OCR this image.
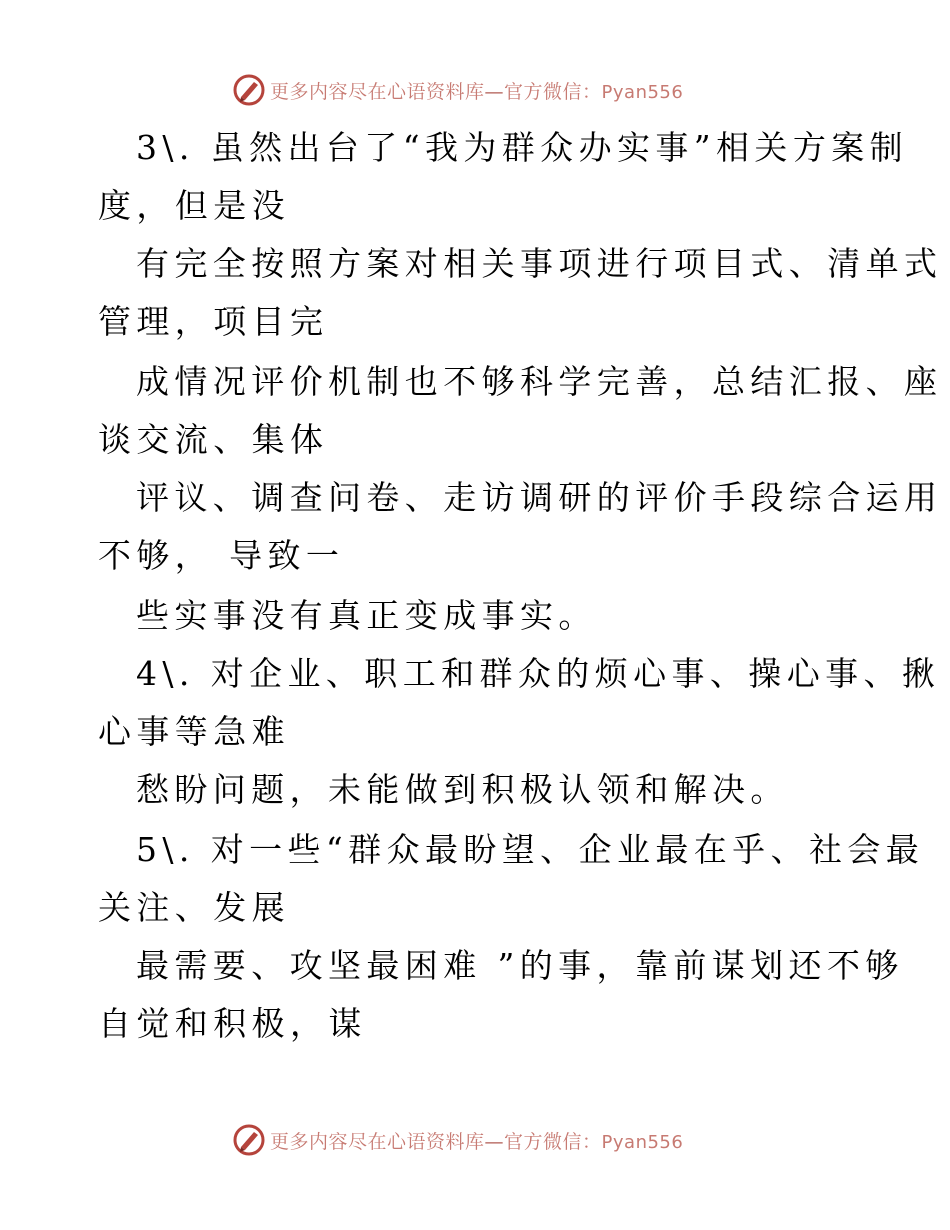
更多内容尽在心语资料库—官方微信：Pyan556
3\. 虽然出台了“我为群众办实事”相关方案制
度，但是没
有完全按照方案对相关事项进行项目式、清单式
管理，项目完
成情况评价机制也不够科学完善，总结汇报、座
谈交流、集体
评议、调查问卷、走访调研的评价手段综合运用
不够， 导致一
些实事没有真正变成事实。
4\. 对企业、职工和群众的烦心事、操心事、揪
心事等急难
愁盼问题，未能做到积极认领和解决。
5\. 对一些“群众最盼望、企业最在乎、社会最
关注、发展
最需要、攻坚最困难 ”的事，靠前谋划还不够
自觉和积极，谋
更多内容尽在心语资料库—官方微信：Pyan556
